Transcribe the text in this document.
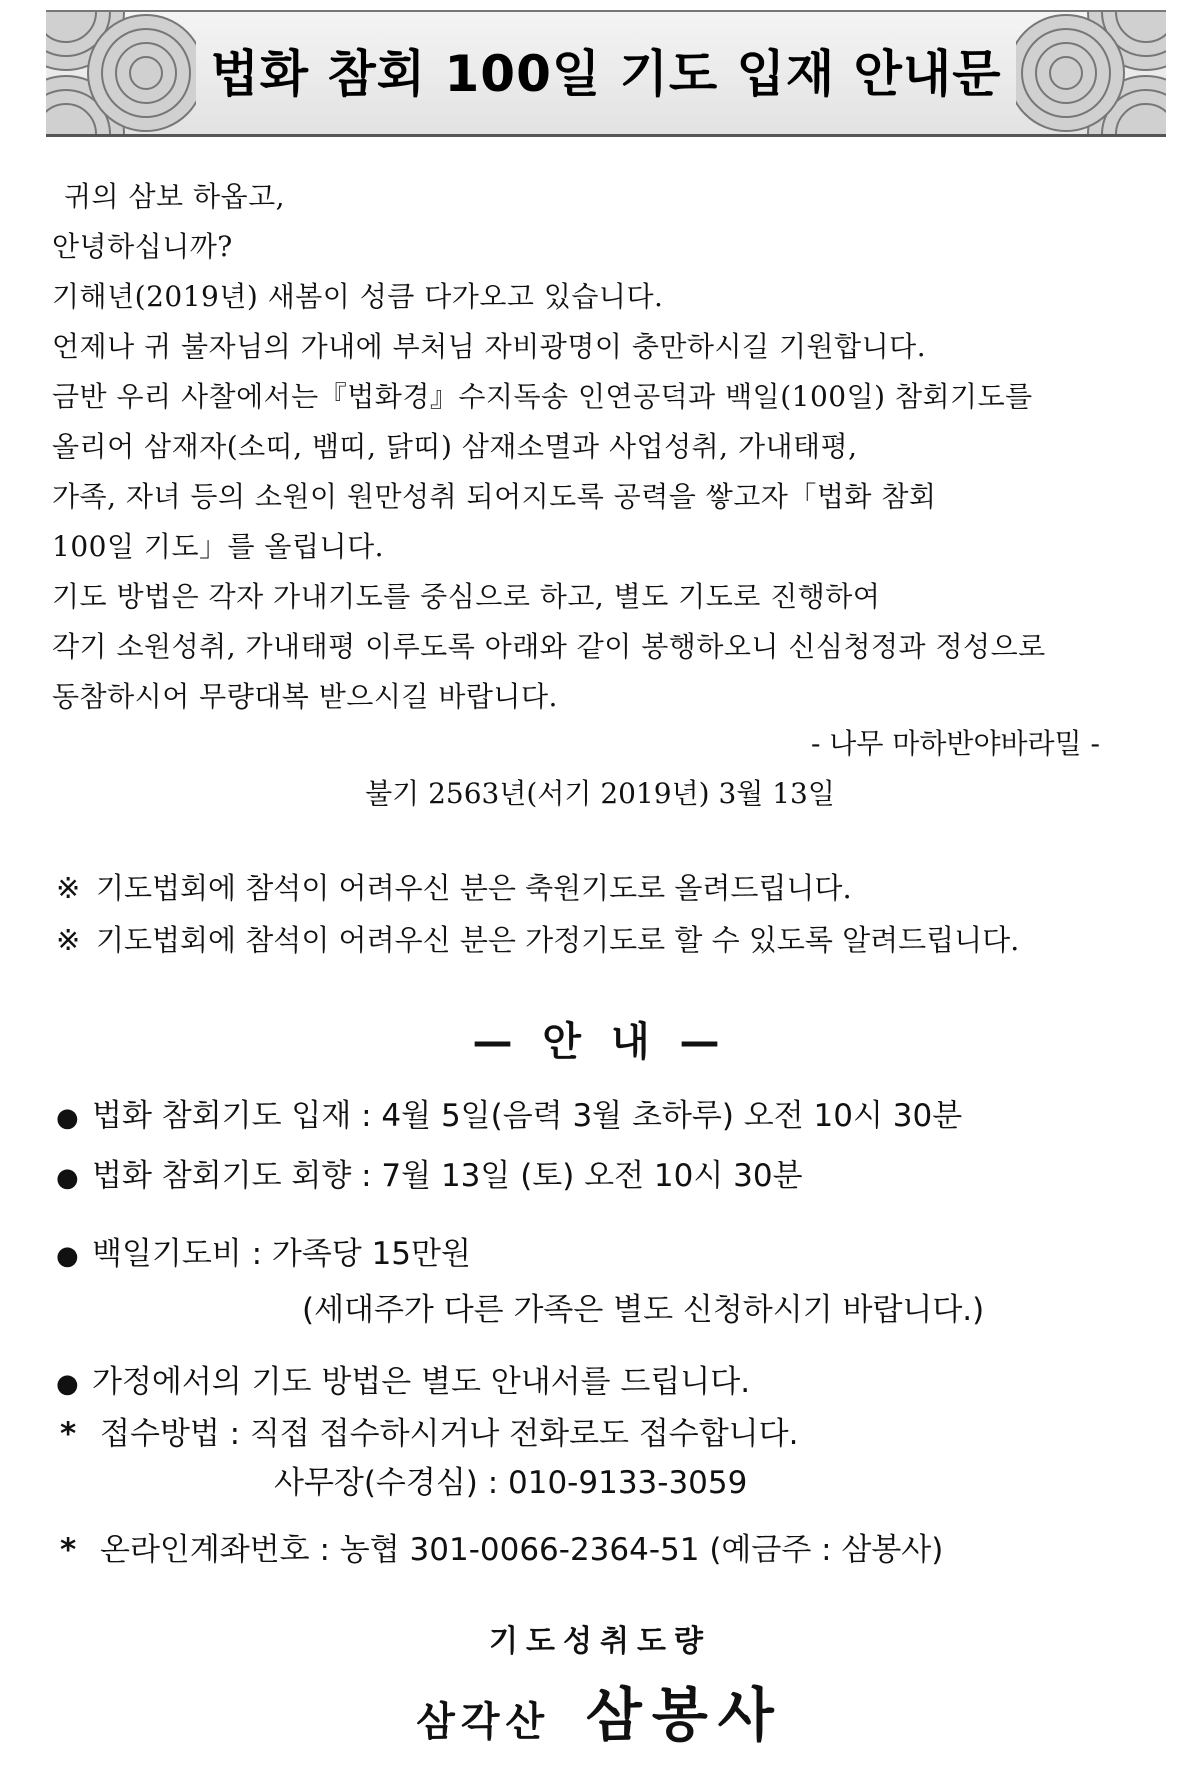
법화 참회 100일 기도 입재 안내문
귀의 삼보 하옵고,
안녕하십니까?
기해년(2019년) 새봄이 성큼 다가오고 있습니다.
언제나 귀 불자님의 가내에 부처님 자비광명이 충만하시길 기원합니다.
금반 우리 사찰에서는『법화경』수지독송 인연공덕과 백일(100일) 참회기도를
올리어 삼재자(소띠, 뱀띠, 닭띠) 삼재소멸과 사업성취, 가내태평,
가족, 자녀 등의 소원이 원만성취 되어지도록 공력을 쌓고자「법화 참회
100일 기도」를 올립니다.
기도 방법은 각자 가내기도를 중심으로 하고, 별도 기도로 진행하여
각기 소원성취, 가내태평 이루도록 아래와 같이 봉행하오니 신심청정과 정성으로
동참하시어 무량대복 받으시길 바랍니다.
- 나무 마하반야바라밀 -
불기 2563년(서기 2019년) 3월 13일
※ 기도법회에 참석이 어려우신 분은 축원기도로 올려드립니다.
※ 기도법회에 참석이 어려우신 분은 가정기도로 할 수 있도록 알려드립니다.
— 안 내 —
● 법화 참회기도 입재 : 4월 5일(음력 3월 초하루) 오전 10시 30분
● 법화 참회기도 회향 : 7월 13일 (토) 오전 10시 30분
● 백일기도비 : 가족당 15만원
(세대주가 다른 가족은 별도 신청하시기 바랍니다.)
● 가정에서의 기도 방법은 별도 안내서를 드립니다.
* 접수방법 : 직접 접수하시거나 전화로도 접수합니다.
사무장(수경심) : 010-9133-3059
* 온라인계좌번호 : 농협 301-0066-2364-51 (예금주 : 삼봉사)
기도성취도량
삼각산 삼봉사
